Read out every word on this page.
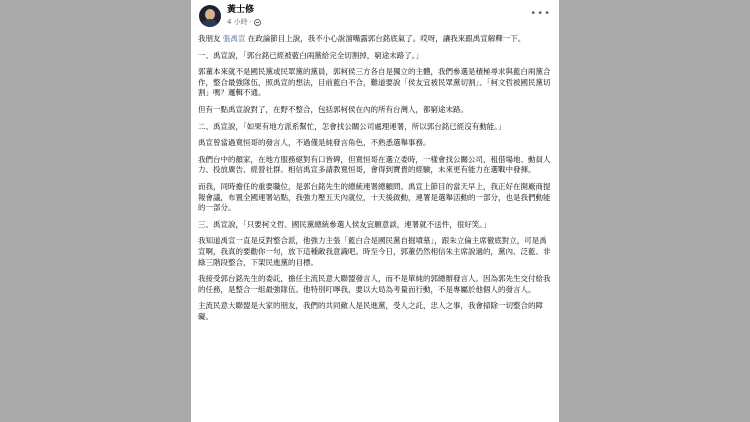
黃士修
4 小時 ·
•••

我朋友 張禹宣 在政論節目上說，我不小心說溜嘴露郭台銘底氣了。哎呀，讓我來跟禹宣解釋一下。

一、禹宣說，「郭台銘已經被藍白兩黨給完全切割掉，窮途末路了。」

郭董本來就不是國民黨或民眾黨的黨員，郭柯侯三方各自是獨立的主體，我們參選是積極尋求與藍白兩黨合作，整合最強隊伍，照禹宣的想法，目前藍白不合，難道要說「侯友宜被民眾黨切割」、「柯文哲被國民黨切割」嗎？邏輯不通。

但有一點禹宣說對了，在野不整合，包括郭柯侯在內的所有台灣人，都窮途末路。

二、禹宣說，「如果有地方派系幫忙，怎會找公關公司處理連署，所以郭台銘已經沒有動能。」

禹宣曾當過寬恒哥的發言人，不過僅是純發言角色，不熟悉選舉事務。

我們台中的顏家，在地方服務絕對有口皆碑，但寬恒哥在選立委時，一樣會找公關公司，租借場地、動員人力、投放廣告、經營社群。相信禹宣多請教寬恒哥，會得到寶貴的經驗，未來更有能力在選戰中發揮。

而我，同時擔任的重要職位，是郭台銘先生的總統連署總顧問。禹宣上節目的當天早上，我正好在開廠商提報會議，布置全國連署站點，我強力壓五天內就位，十天後啟動，連署是選舉活動的一部分，也是我們動能的一部分。

三、禹宣說，「只要柯文哲、國民黨總統參選人侯友宜願意談，連署就不送件，很好笑。」

我知道禹宣一直是反對整合派，他強力主張「藍白合是國民黨自掘墳墓」，跟朱立倫主席徹底對立，可是禹宣啊，我真的要勸你一句，放下這種敵我意識吧。時至今日，郭董仍然相信朱主席說過的，黨內、泛藍、非綠三階段整合，下架民進黨的目標。

我接受郭台銘先生的委託，擔任主流民意大聯盟發言人，而不是單純的郭總辦發言人。因為郭先生交付給我的任務，是整合一組最強隊伍。他特別叮嚀我，要以大局為考量而行動，不是專屬於他個人的發言人。

主流民意大聯盟是大家的朋友，我們的共同敵人是民進黨，受人之託，忠人之事，我會掃除一切整合的障礙。
